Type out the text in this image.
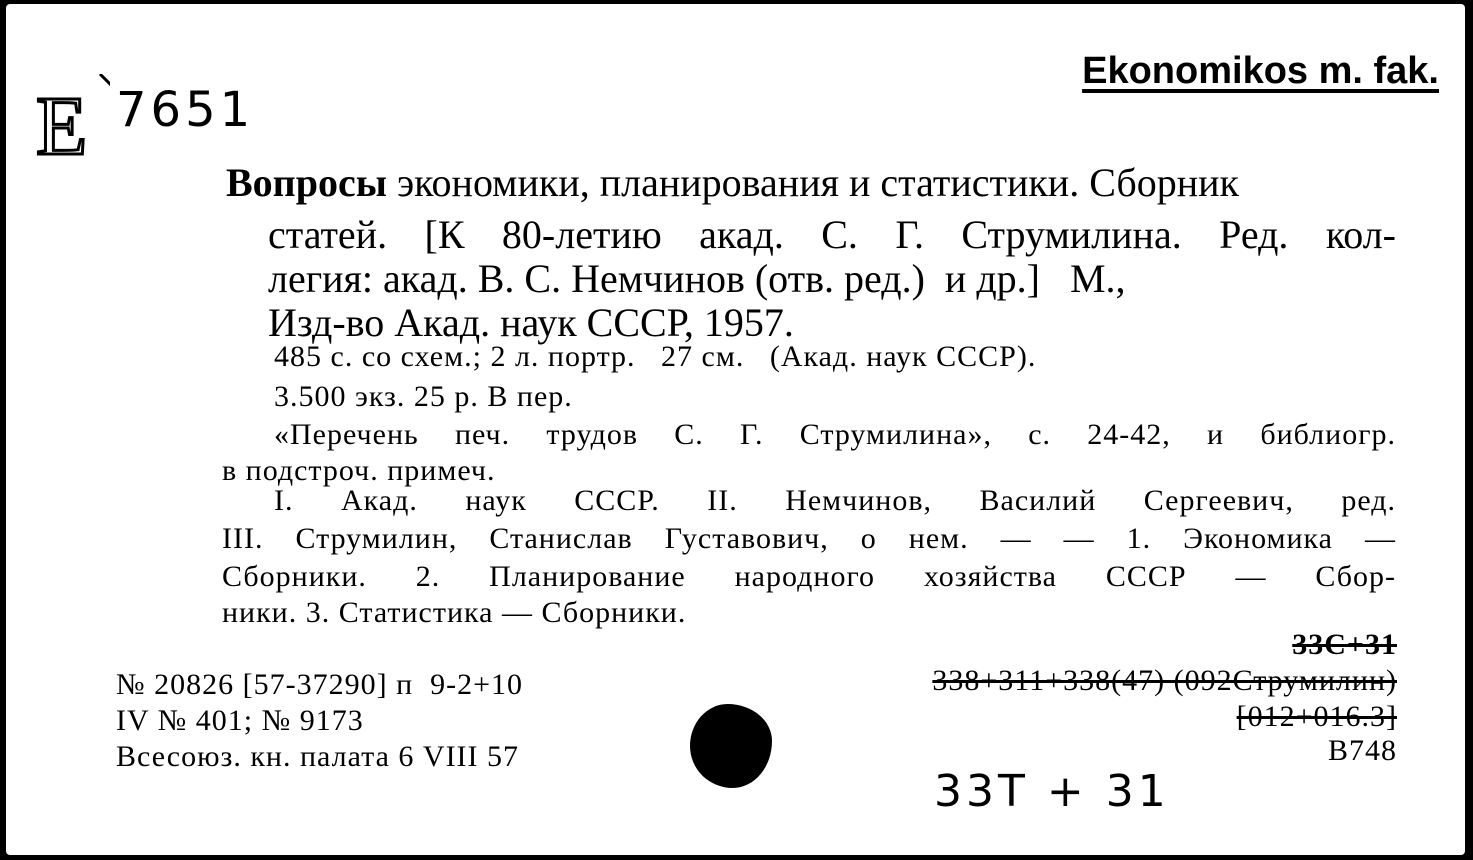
E 7651
Ekonomikos m. fak.
Вопросы экономики, планирования и статистики. Сборник
статей. [К 80-летию акад. С. Г. Струмилина. Ред. кол-
легия: акад. В. С. Немчинов (отв. ред.)  и др.]   М.,
Изд-во Акад. наук СССР, 1957.
485 с. со схем.; 2 л. портр.   27 см.   (Акад. наук СССР).
3.500 экз. 25 р. В пер.
«Перечень печ. трудов С. Г. Струмилина», с. 24-42, и библиогр.
в подстроч. примеч.
I. Акад. наук СССР. II. Немчинов, Василий Сергеевич, ред.
III. Струмилин, Станислав Густавович, о нем. — — 1. Экономика —
Сборники. 2. Планирование народного хозяйства СССР — Сбор-
ники. 3. Статистика — Сборники.
№ 20826 [57-37290] п  9-2+10
IV № 401; № 9173
Всесоюз. кн. палата 6 VIII 57
33С+31
338+311+338(47) (092Струмилин)
[012+016.3]
В748
33Т + 31
